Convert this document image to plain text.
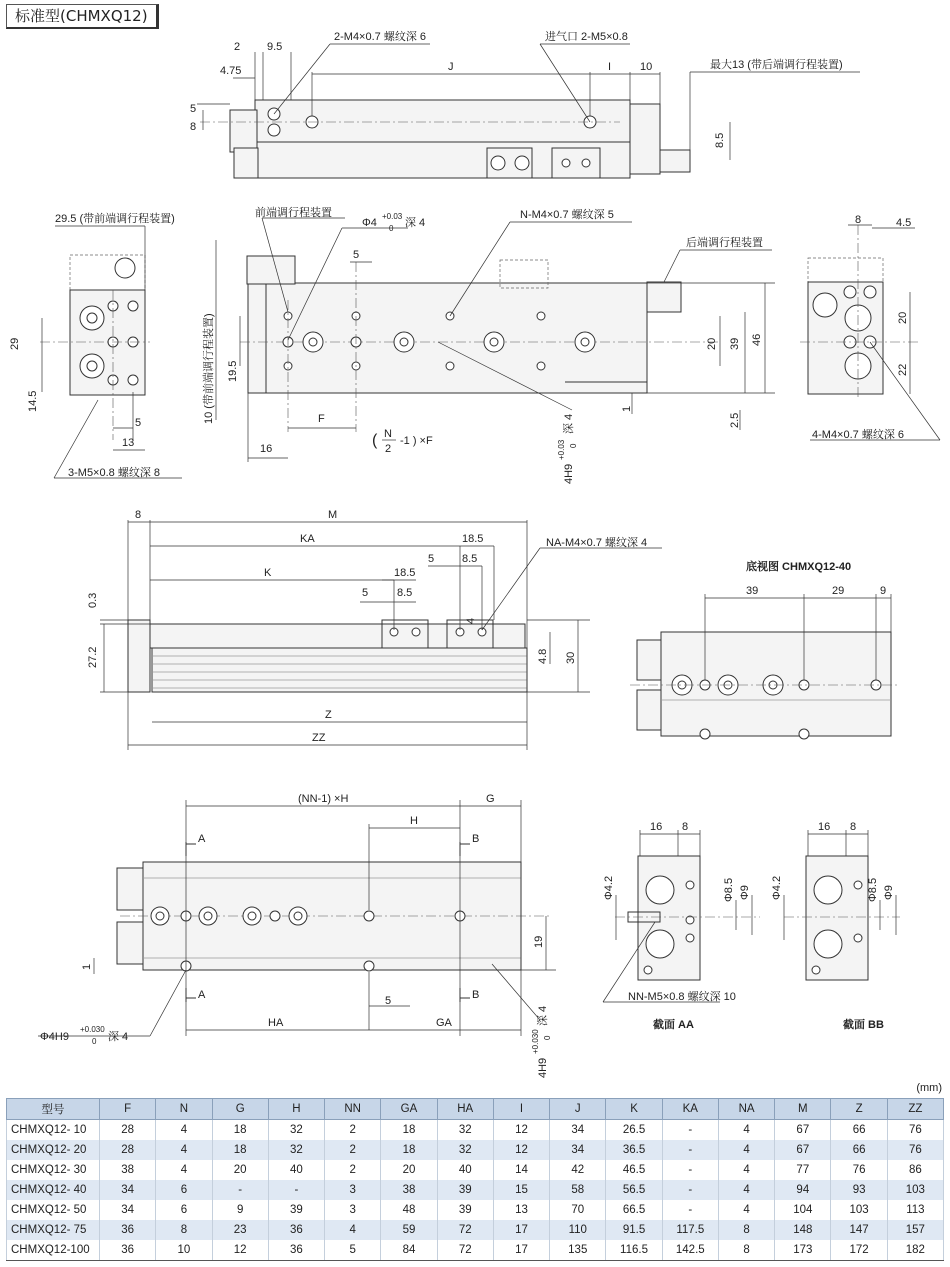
标准型(CHMXQ12)
2 9.5
4.75
5
8
2-M4×0.7 螺纹深 6	进气口 2-M5×0.8
J	I	10	最大13 (带后端调行程装置)
8.5
29.5 (带前端调行程装置)
29
14.5
5
13
3-M5×0.8 螺纹深 8
前端调行程装置
Φ4
+0.03
0 深 4
N-M4×0.7 螺纹深 5
后端调行程装置
10 (带前端调行程装置) 19.5
5
F
16	( N
2
-1 ) ×F
20 39 46
1
2.5
4H9
+0.03 0
深 4
8	4.5
20
22
4-M4×0.7 螺纹深 6
8	M
KA
K
18.5
5	8.5
18.5
5	8.5
4
0.3
27.2	4.8 30
Z
ZZ
NA-M4×0.7 螺纹深 4
底视图 CHMXQ12-40
39	29	9
(NN-1) ×H	G
H
A	B
A	B
19
1
5
HA	GA
Φ4H9
+0.030
0 深 4
4H9
+0.030 0
深 4
16 8
Φ4.2	Φ8.5 Φ9
NN-M5×0.8 螺纹深 10
截面 AA
16 8
Φ4.2	Φ8.5 Φ9
截面 BB
(mm)
型号	F	N	G	H	NN	GA	HA	I	J	K	KA	NA	M	Z	ZZ
CHMXQ12- 10	28	4	18	32	2	18	32	12	34	26.5	-	4	67	66	76
CHMXQ12- 20	28	4	18	32	2	18	32	12	34	36.5	-	4	67	66	76
CHMXQ12- 30	38	4	20	40	2	20	40	14	42	46.5	-	4	77	76	86
CHMXQ12- 40	34	6	-	-	3	38	39	15	58	56.5	-	4	94	93	103
CHMXQ12- 50	34	6	9	39	3	48	39	13	70	66.5	-	4	104	103	113
CHMXQ12- 75	36	8	23	36	4	59	72	17	110	91.5	117.5	8	148	147	157
CHMXQ12-100	36	10	12	36	5	84	72	17	135	116.5	142.5	8	173	172	182
